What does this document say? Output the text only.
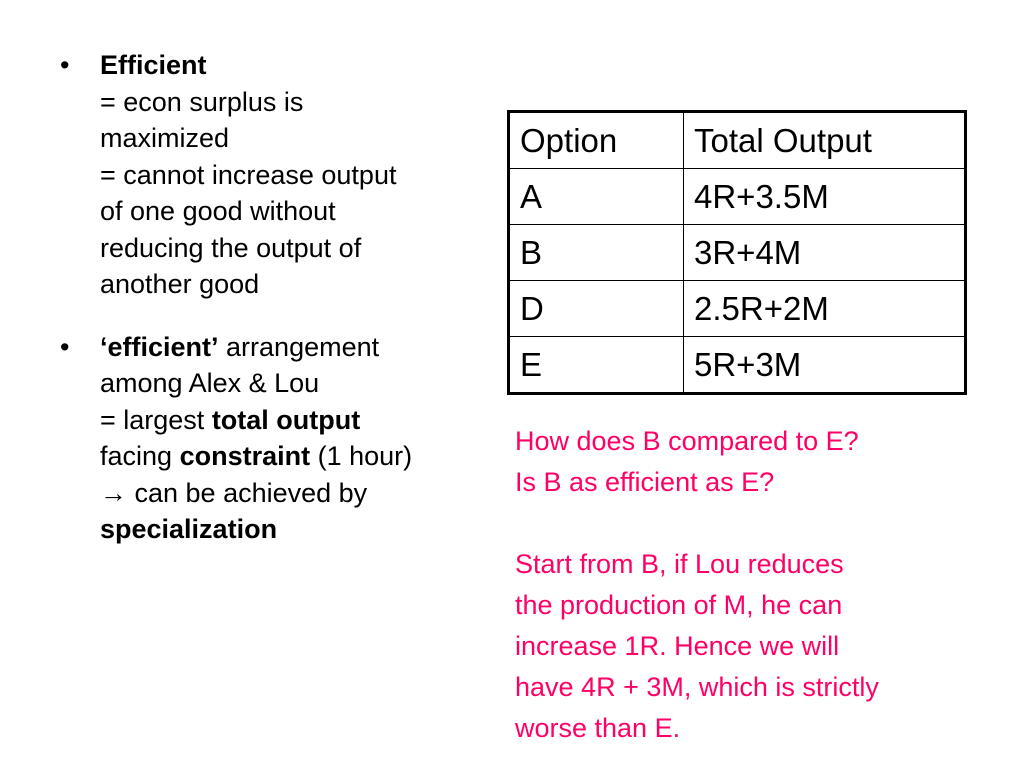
• Efficient
= econ surplus is
maximized
= cannot increase output
of one good without
reducing the output of
another good
• ‘efficient’ arrangement
among Alex & Lou
= largest total output
facing constraint (1 hour)
→ can be achieved by
specialization
Option	Total Output
A	4R+3.5M
B	3R+4M
D	2.5R+2M
E	5R+3M
How does B compared to E?
Is B as efficient as E?
Start from B, if Lou reduces
the production of M, he can
increase 1R. Hence we will
have 4R + 3M, which is strictly
worse than E.
